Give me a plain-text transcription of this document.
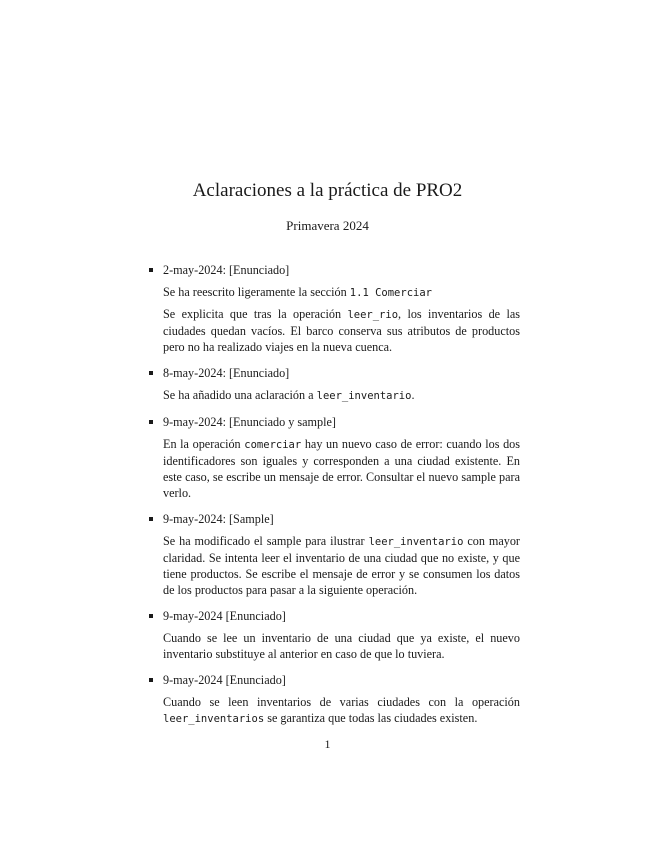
Aclaraciones a la práctica de PRO2
Primavera 2024
2-may-2024: [Enunciado]

Se ha reescrito ligeramente la sección 1.1 Comerciar

Se explicita que tras la operación leer_rio, los inventarios de las ciudades quedan vacíos. El barco conserva sus atributos de productos pero no ha realizado viajes en la nueva cuenca.

8-may-2024: [Enunciado]

Se ha añadido una aclaración a leer_inventario.

9-may-2024: [Enunciado y sample]

En la operación comerciar hay un nuevo caso de error: cuando los dos identificadores son iguales y corresponden a una ciudad existente. En este caso, se escribe un mensaje de error. Consultar el nuevo sample para verlo.

9-may-2024: [Sample]

Se ha modificado el sample para ilustrar leer_inventario con mayor claridad. Se intenta leer el inventario de una ciudad que no existe, y que tiene productos. Se escribe el mensaje de error y se consumen los datos de los productos para pasar a la siguiente operación.

9-may-2024 [Enunciado]

Cuando se lee un inventario de una ciudad que ya existe, el nuevo inventario substituye al anterior en caso de que lo tuviera.

9-may-2024 [Enunciado]

Cuando se leen inventarios de varias ciudades con la operación leer_inventarios se garantiza que todas las ciudades existen.

1
